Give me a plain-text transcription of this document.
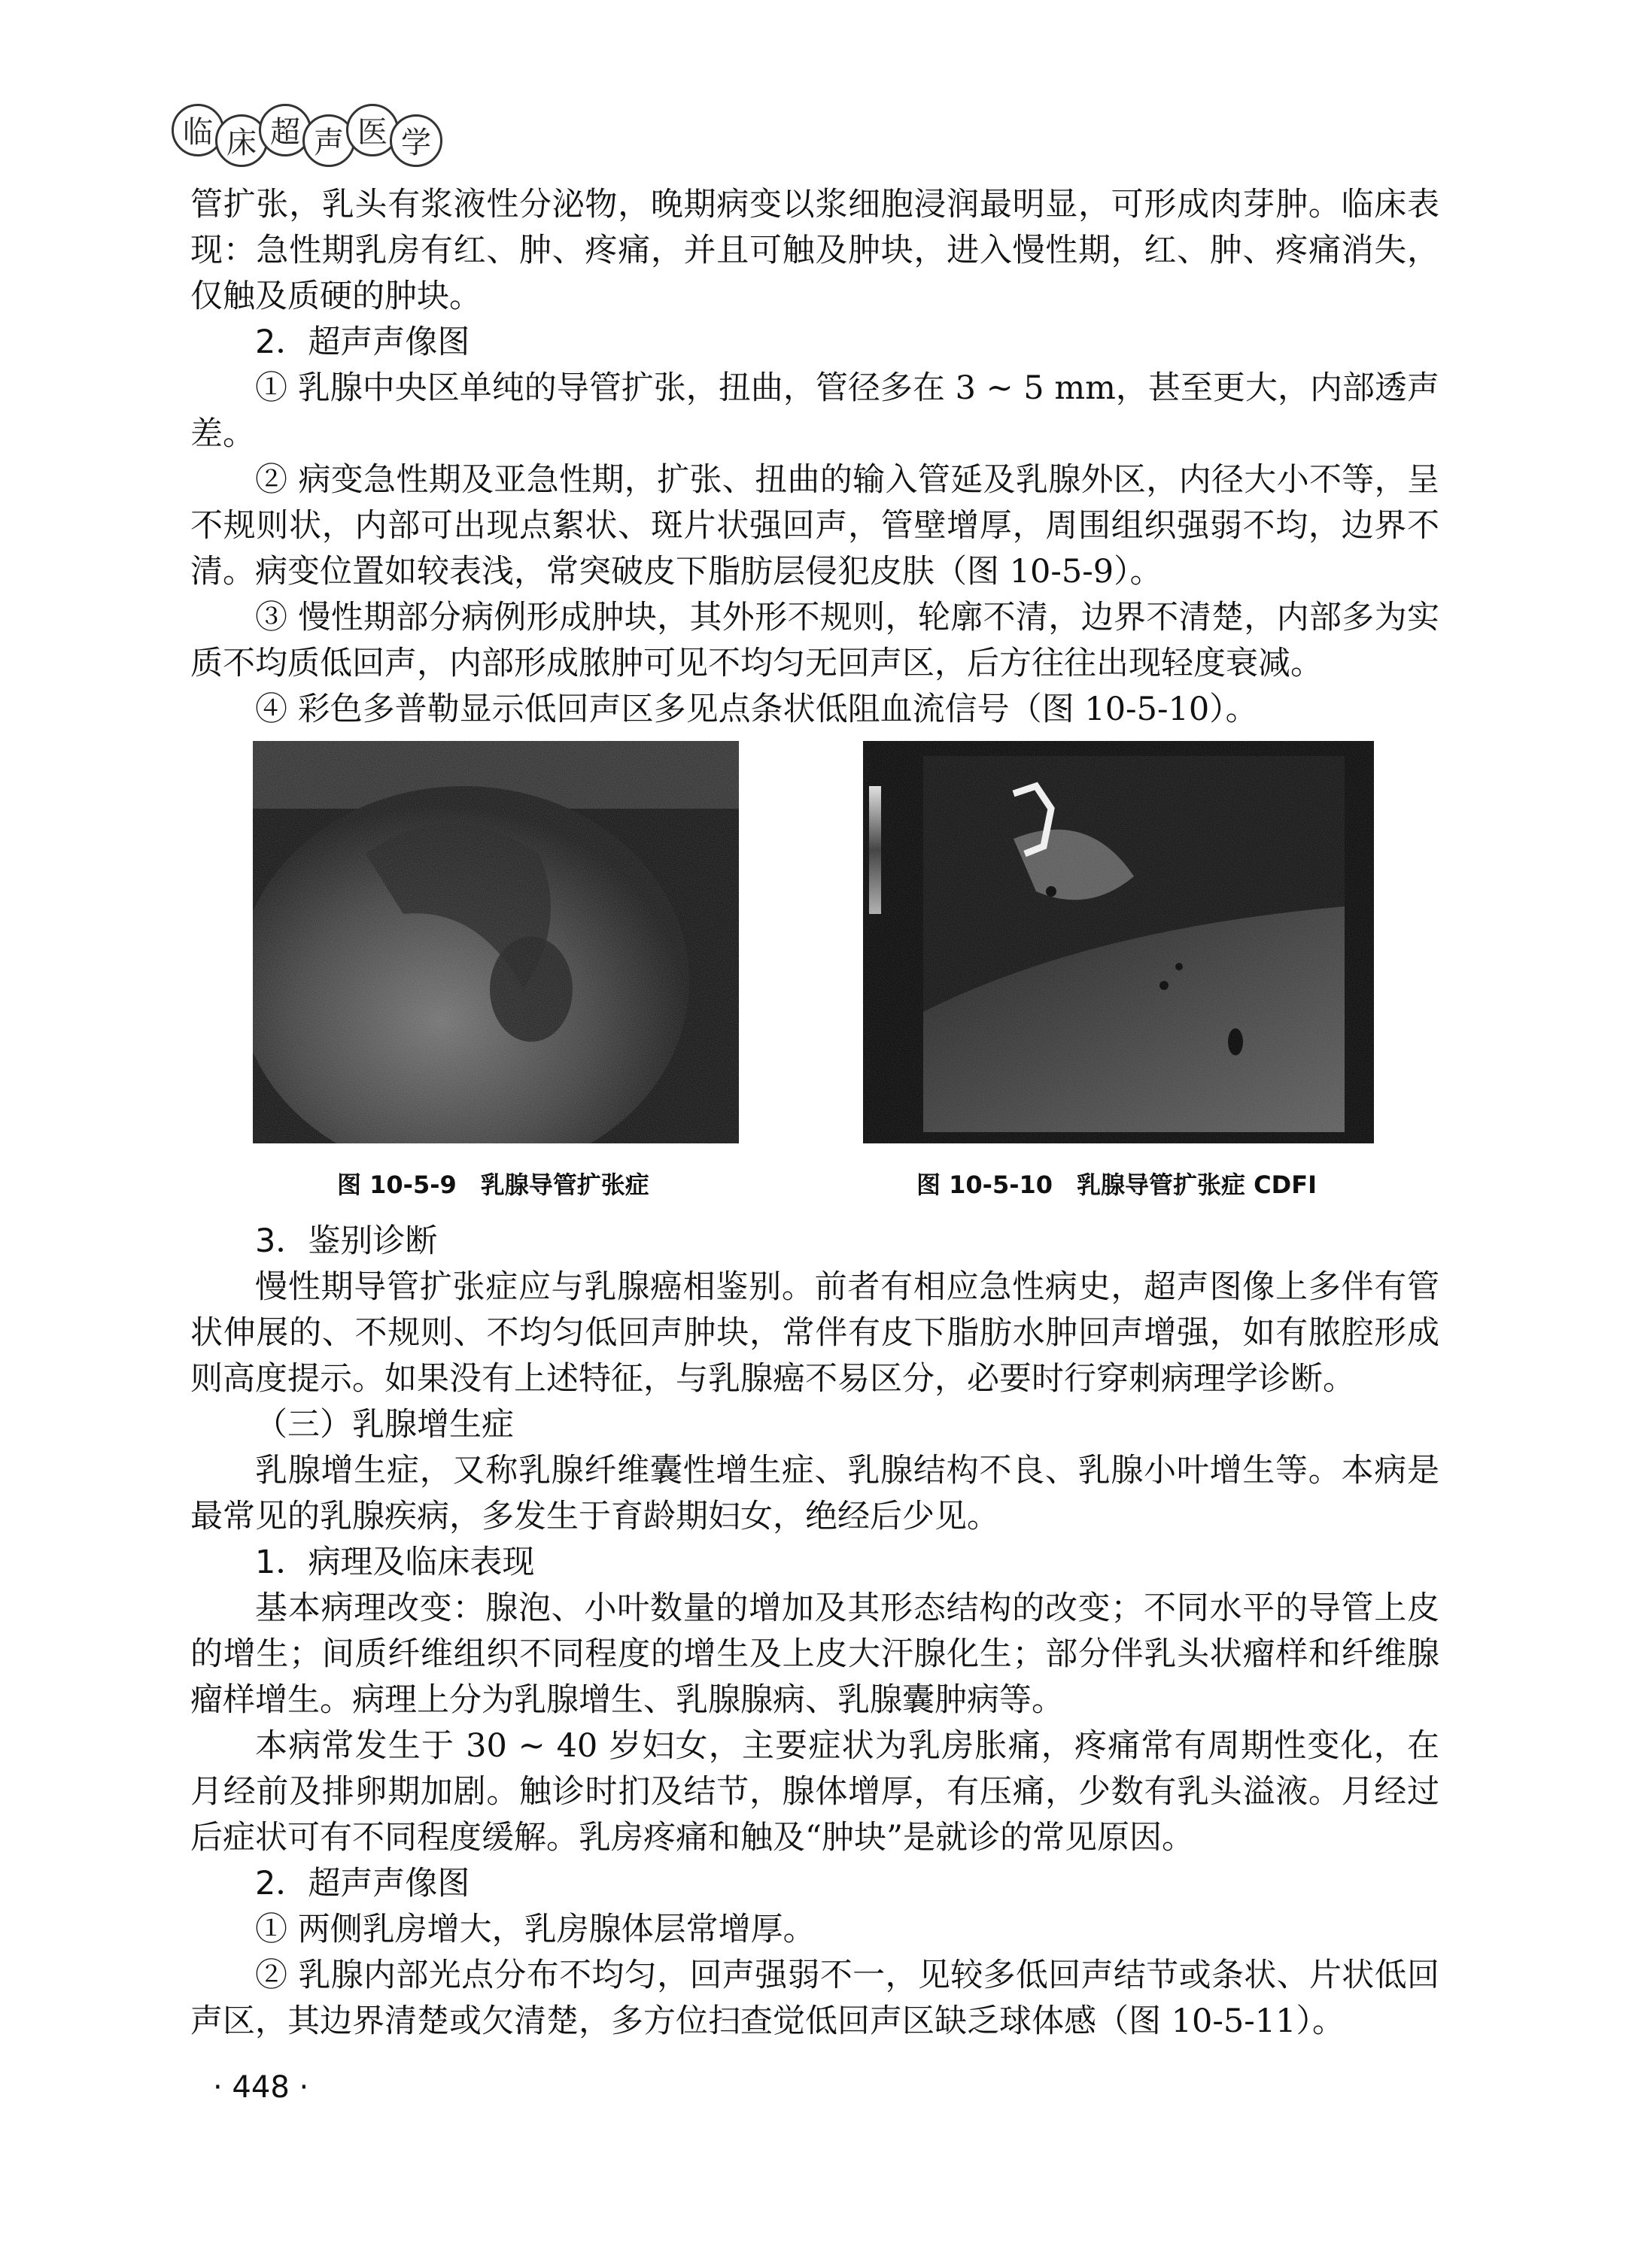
临 床 超 声 医 学

管扩张，乳头有浆液性分泌物，晚期病变以浆细胞浸润最明显，可形成肉芽肿。临床表现：急性期乳房有红、肿、疼痛，并且可触及肿块，进入慢性期，红、肿、疼痛消失，仅触及质硬的肿块。

2．超声声像图

① 乳腺中央区单纯的导管扩张，扭曲，管径多在 3 ~ 5 mm，甚至更大，内部透声差。

② 病变急性期及亚急性期，扩张、扭曲的输入管延及乳腺外区，内径大小不等，呈不规则状，内部可出现点絮状、斑片状强回声，管壁增厚，周围组织强弱不均，边界不清。病变位置如较表浅，常突破皮下脂肪层侵犯皮肤（图 10-5-9）。

③ 慢性期部分病例形成肿块，其外形不规则，轮廓不清，边界不清楚，内部多为实质不均质低回声，内部形成脓肿可见不均匀无回声区，后方往往出现轻度衰减。

④ 彩色多普勒显示低回声区多见点条状低阻血流信号（图 10-5-10）。

图 10-5-9　乳腺导管扩张症	图 10-5-10　乳腺导管扩张症 CDFI

3．鉴别诊断

慢性期导管扩张症应与乳腺癌相鉴别。前者有相应急性病史，超声图像上多伴有管状伸展的、不规则、不均匀低回声肿块，常伴有皮下脂肪水肿回声增强，如有脓腔形成则高度提示。如果没有上述特征，与乳腺癌不易区分，必要时行穿刺病理学诊断。

（三）乳腺增生症

乳腺增生症，又称乳腺纤维囊性增生症、乳腺结构不良、乳腺小叶增生等。本病是最常见的乳腺疾病，多发生于育龄期妇女，绝经后少见。

1．病理及临床表现

基本病理改变：腺泡、小叶数量的增加及其形态结构的改变；不同水平的导管上皮的增生；间质纤维组织不同程度的增生及上皮大汗腺化生；部分伴乳头状瘤样和纤维腺瘤样增生。病理上分为乳腺增生、乳腺腺病、乳腺囊肿病等。

本病常发生于 30 ~ 40 岁妇女，主要症状为乳房胀痛，疼痛常有周期性变化，在月经前及排卵期加剧。触诊时扪及结节，腺体增厚，有压痛，少数有乳头溢液。月经过后症状可有不同程度缓解。乳房疼痛和触及“肿块”是就诊的常见原因。

2．超声声像图

① 两侧乳房增大，乳房腺体层常增厚。

② 乳腺内部光点分布不均匀，回声强弱不一，见较多低回声结节或条状、片状低回声区，其边界清楚或欠清楚，多方位扫查觉低回声区缺乏球体感（图 10-5-11）。

· 448 ·
